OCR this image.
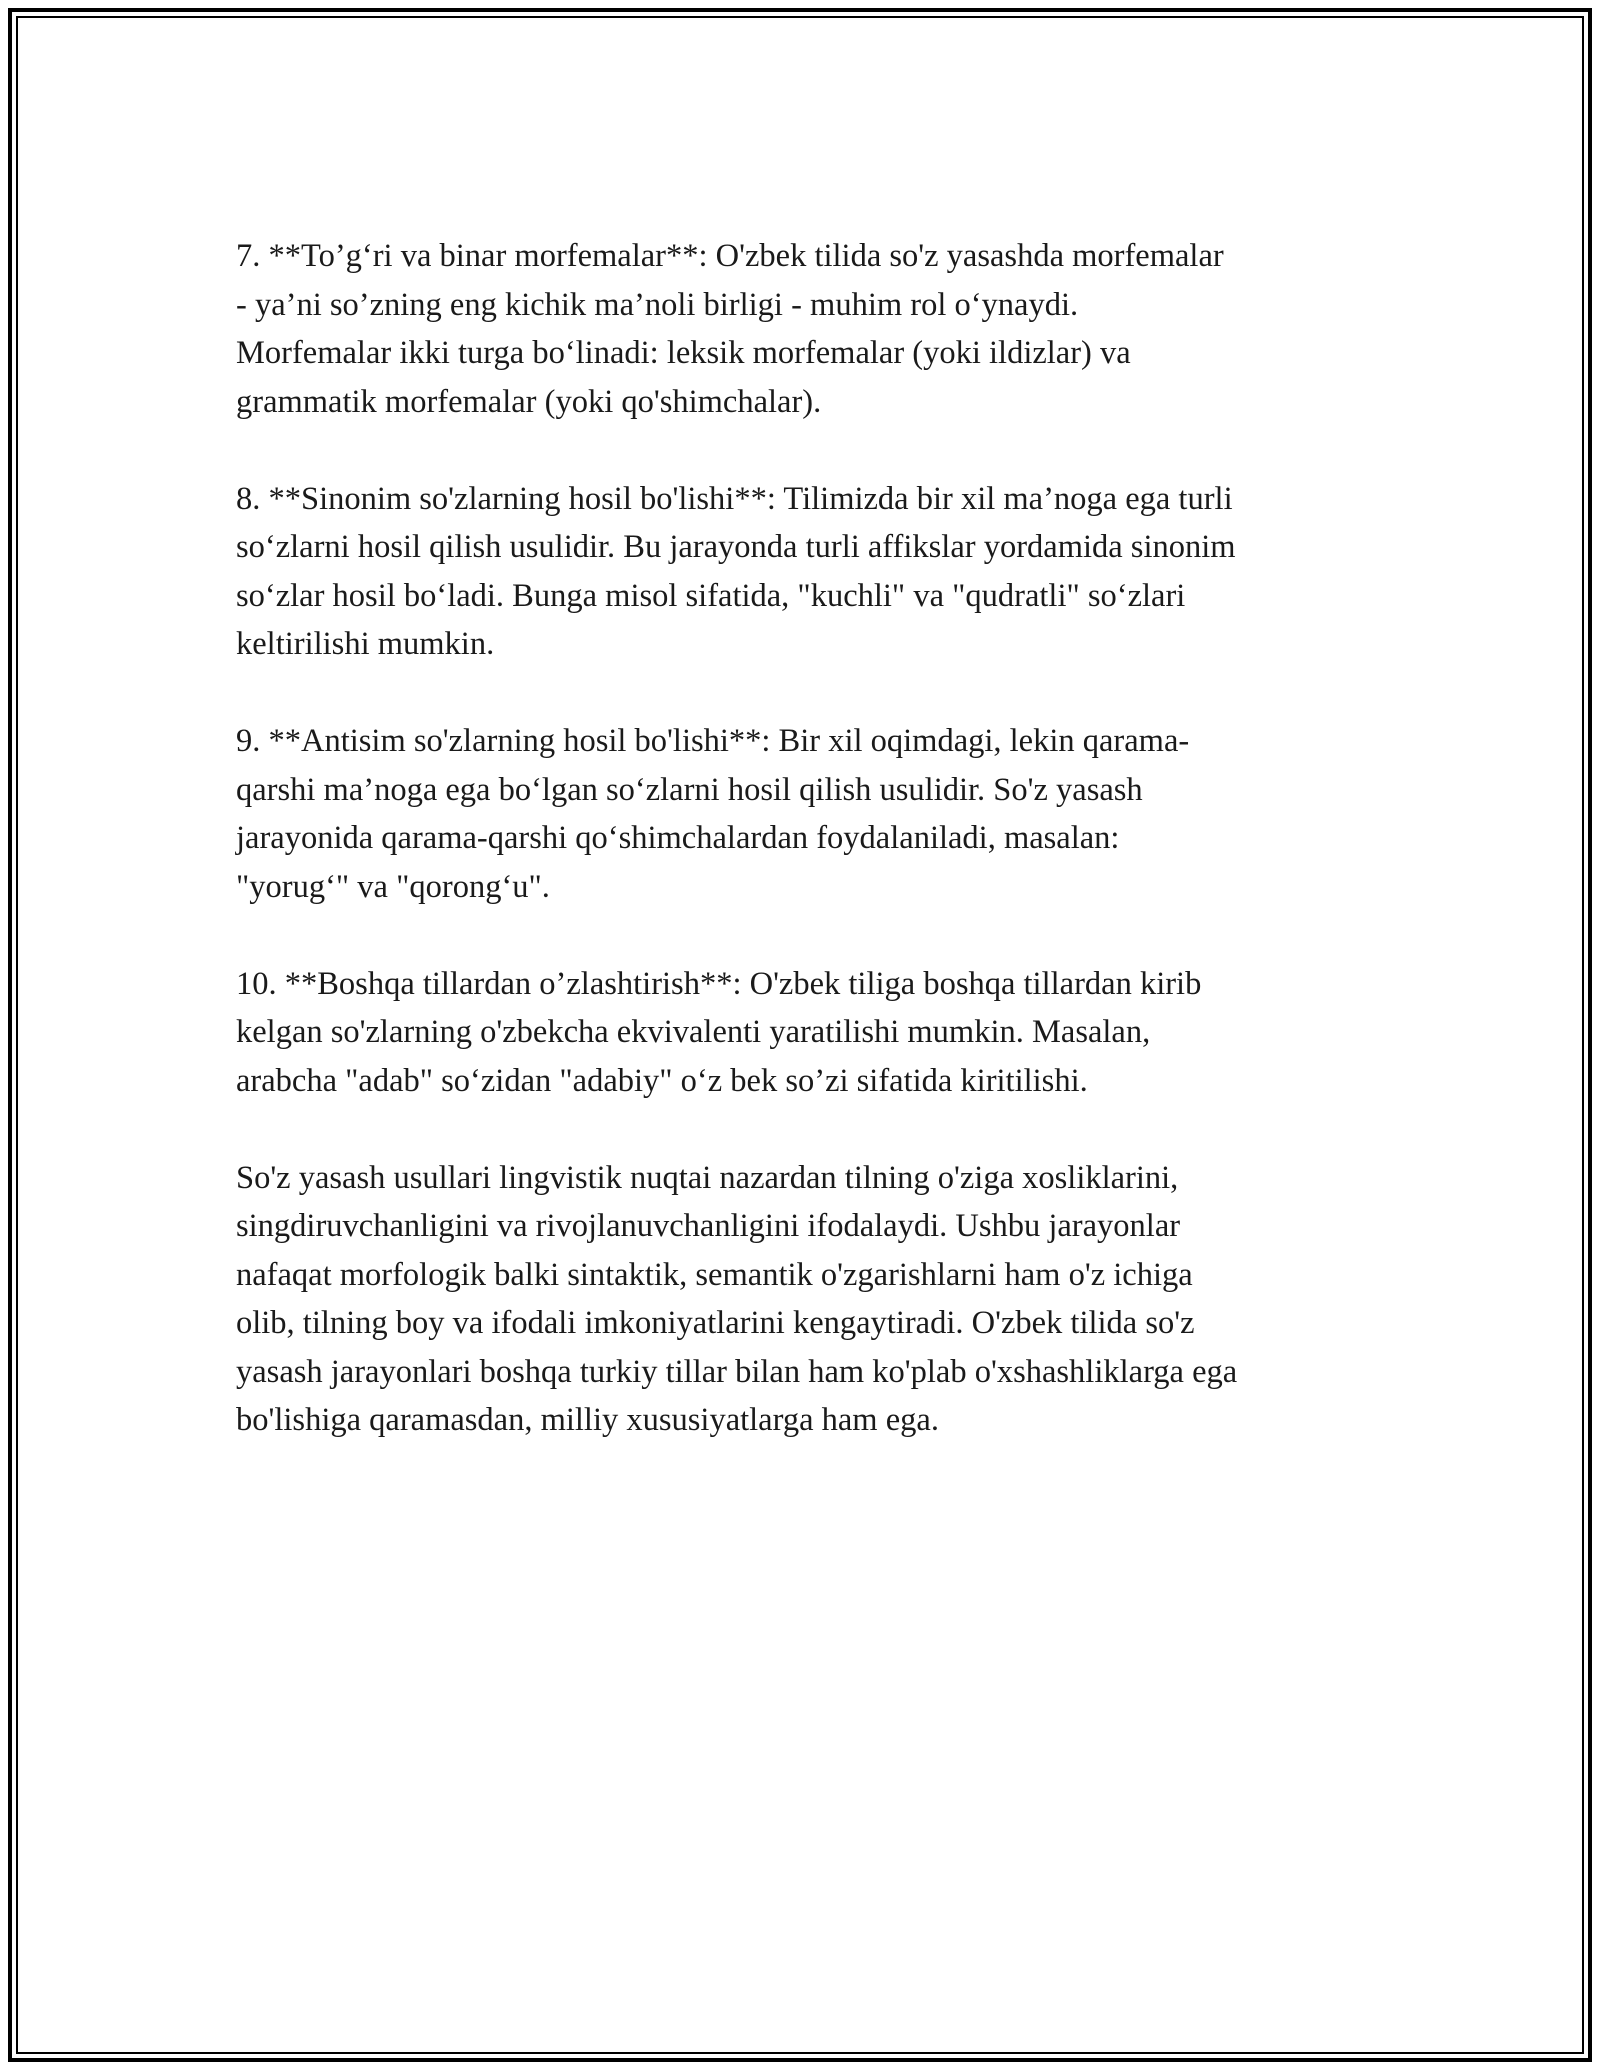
7. **To’g‘ri va binar morfemalar**: O'zbek tilida so'z yasashda morfemalar
- ya’ni so’zning eng kichik ma’noli birligi - muhim rol o‘ynaydi.
Morfemalar ikki turga bo‘linadi: leksik morfemalar (yoki ildizlar) va
grammatik morfemalar (yoki qo'shimchalar).

8. **Sinonim so'zlarning hosil bo'lishi**: Tilimizda bir xil ma’noga ega turli
so‘zlarni hosil qilish usulidir. Bu jarayonda turli affikslar yordamida sinonim
so‘zlar hosil bo‘ladi. Bunga misol sifatida, "kuchli" va "qudratli" so‘zlari
keltirilishi mumkin.

9. **Antisim so'zlarning hosil bo'lishi**: Bir xil oqimdagi, lekin qarama-
qarshi ma’noga ega bo‘lgan so‘zlarni hosil qilish usulidir. So'z yasash
jarayonida qarama-qarshi qo‘shimchalardan foydalaniladi, masalan:
"yorug‘" va "qorong‘u".

10. **Boshqa tillardan o’zlashtirish**: O'zbek tiliga boshqa tillardan kirib
kelgan so'zlarning o'zbekcha ekvivalenti yaratilishi mumkin. Masalan,
arabcha "adab" so‘zidan "adabiy" o‘z bek so’zi sifatida kiritilishi.

So'z yasash usullari lingvistik nuqtai nazardan tilning o'ziga xosliklarini,
singdiruvchanligini va rivojlanuvchanligini ifodalaydi. Ushbu jarayonlar
nafaqat morfologik balki sintaktik, semantik o'zgarishlarni ham o'z ichiga
olib, tilning boy va ifodali imkoniyatlarini kengaytiradi. O'zbek tilida so'z
yasash jarayonlari boshqa turkiy tillar bilan ham ko'plab o'xshashliklarga ega
bo'lishiga qaramasdan, milliy xususiyatlarga ham ega.
